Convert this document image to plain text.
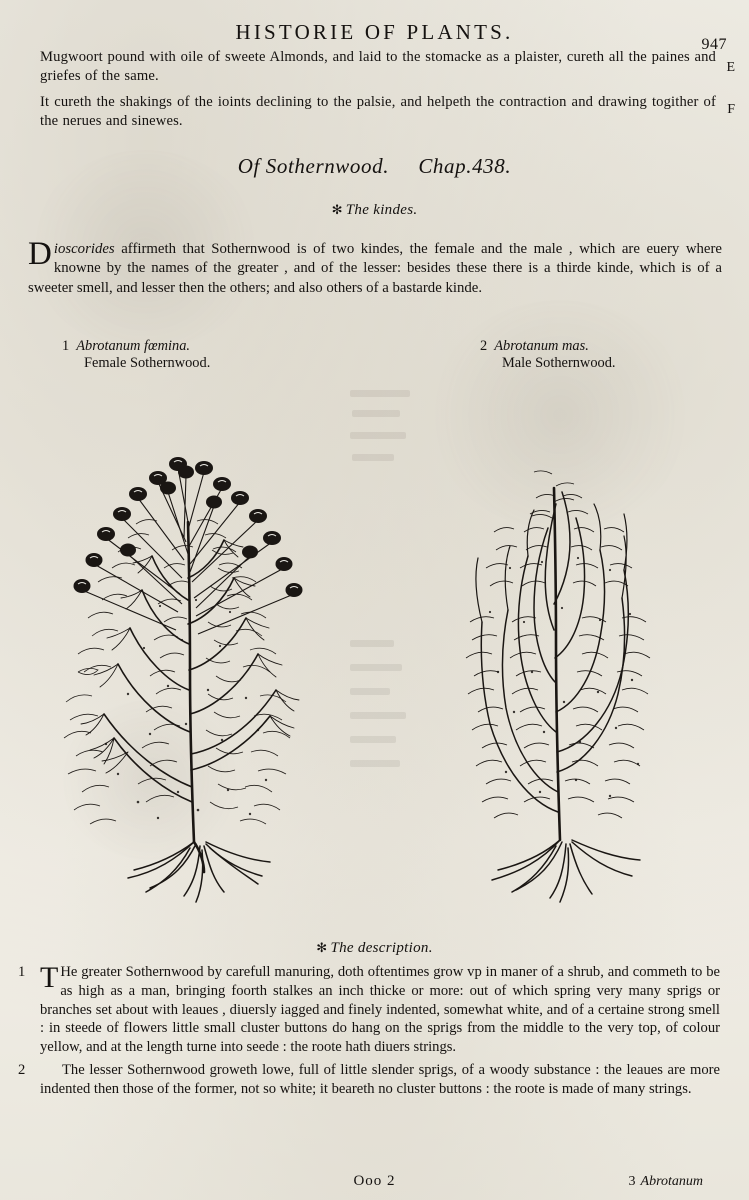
HISTORIE OF PLANTS.
947
E
F
Mugwoort pound with oile of sweete Almonds, and laid to the stomacke as a plaister, cureth all the paines and griefes of the same.
It cureth the shakings of the ioints declining to the palsie, and helpeth the contraction and drawing togither of the nerues and sinewes.
Of Sothernwood. Chap.438.
✻ The kindes.
Dioscorides affirmeth that Sothernwood is of two kindes, the female and the male , which are euery where knowne by the names of the greater , and of the lesser: besides these there is a thirde kinde, which is of a sweeter smell, and lesser then the others; and also others of a bastarde kinde.
1 Abrotanum fœmina.
Female Sothernwood.
2 Abrotanum mas.
Male Sothernwood.
✻ The description.
1 T He greater Sothernwood by carefull manuring, doth oftentimes grow vp in maner of a shrub, and commeth to be as high as a man, bringing foorth stalkes an inch thicke or more: out of which spring very many sprigs or branches set about with leaues , diuersly iagged and finely indented, somewhat white, and of a certaine strong smell : in steede of flowers little small cluster buttons do hang on the sprigs from the middle to the very top, of colour yellow, and at the length turne into seede : the roote hath diuers strings.
2	The lesser Sothernwood groweth lowe, full of little slender sprigs, of a woody substance : the leaues are more indented then those of the former, not so white; it beareth no cluster buttons : the roote is made of many strings.
Ooo 2	3 Abrotanum
